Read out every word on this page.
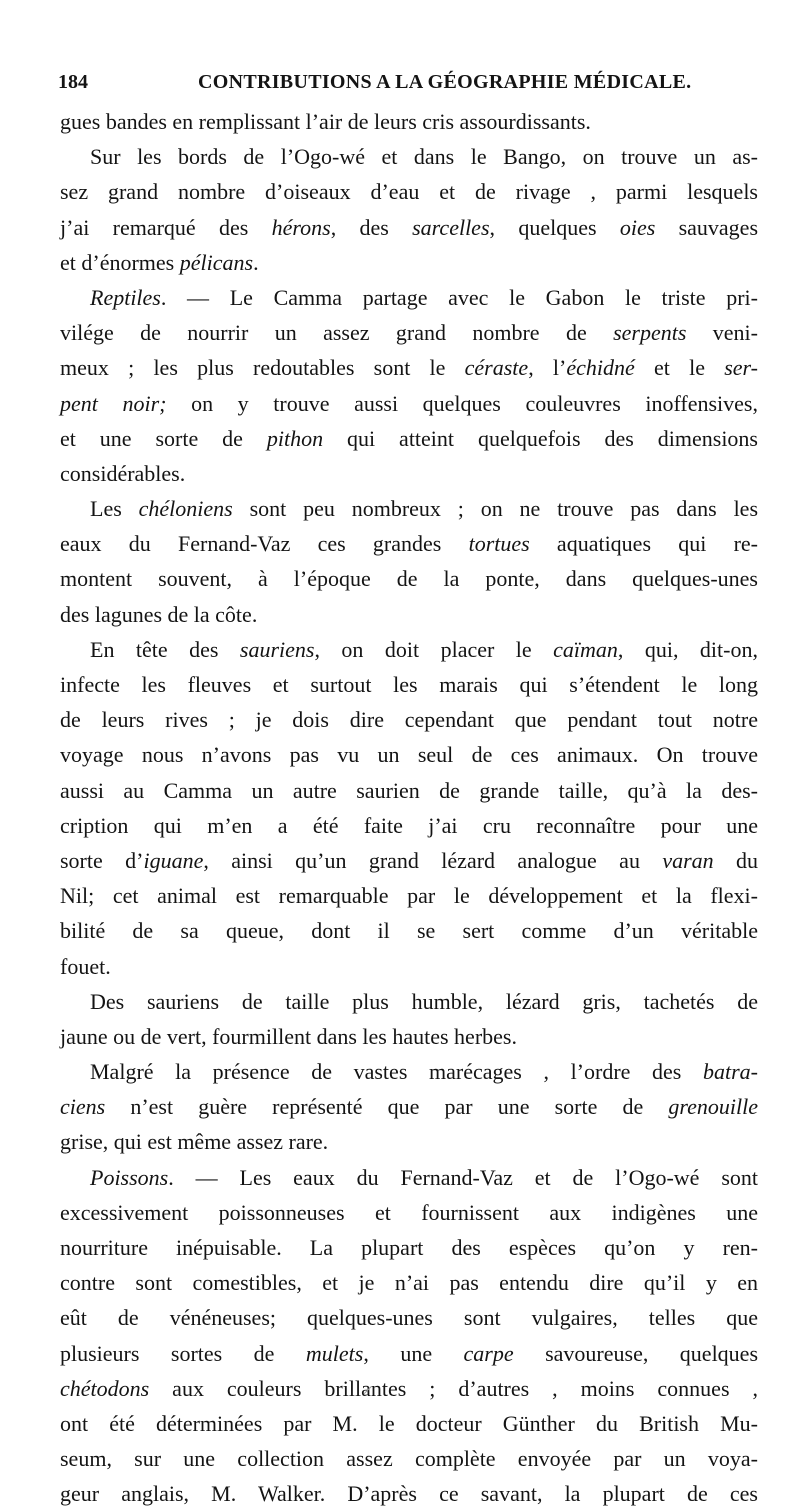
184	CONTRIBUTIONS A LA GÉOGRAPHIE MÉDICALE.
gues bandes en remplissant l’air de leurs cris assourdissants.
Sur les bords de l’Ogo-wé et dans le Bango, on trouve un as-
sez grand nombre d’oiseaux d’eau et de rivage , parmi lesquels
j’ai remarqué des hérons, des sarcelles, quelques oies sauvages
et d’énormes pélicans.
Reptiles. — Le Camma partage avec le Gabon le triste pri-
vilége de nourrir un assez grand nombre de serpents veni-
meux ; les plus redoutables sont le céraste, l’échidné et le ser-
pent noir; on y trouve aussi quelques couleuvres inoffensives,
et une sorte de pithon qui atteint quelquefois des dimensions
considérables.
Les chéloniens sont peu nombreux ; on ne trouve pas dans les
eaux du Fernand-Vaz ces grandes tortues aquatiques qui re-
montent souvent, à l’époque de la ponte, dans quelques-unes
des lagunes de la côte.
En tête des sauriens, on doit placer le caïman, qui, dit-on,
infecte les fleuves et surtout les marais qui s’étendent le long
de leurs rives ; je dois dire cependant que pendant tout notre
voyage nous n’avons pas vu un seul de ces animaux. On trouve
aussi au Camma un autre saurien de grande taille, qu’à la des-
cription qui m’en a été faite j’ai cru reconnaître pour une
sorte d’iguane, ainsi qu’un grand lézard analogue au varan du
Nil; cet animal est remarquable par le développement et la flexi-
bilité de sa queue, dont il se sert comme d’un véritable
fouet.
Des sauriens de taille plus humble, lézard gris, tachetés de
jaune ou de vert, fourmillent dans les hautes herbes.
Malgré la présence de vastes marécages , l’ordre des batra-
ciens n’est guère représenté que par une sorte de grenouille
grise, qui est même assez rare.
Poissons. — Les eaux du Fernand-Vaz et de l’Ogo-wé sont
excessivement poissonneuses et fournissent aux indigènes une
nourriture inépuisable. La plupart des espèces qu’on y ren-
contre sont comestibles, et je n’ai pas entendu dire qu’il y en
eût de vénéneuses; quelques-unes sont vulgaires, telles que
plusieurs sortes de mulets, une carpe savoureuse, quelques
chétodons aux couleurs brillantes ; d’autres , moins connues ,
ont été déterminées par M. le docteur Günther du British Mu-
seum, sur une collection assez complète envoyée par un voya-
geur anglais, M. Walker. D’après ce savant, la plupart de ces
